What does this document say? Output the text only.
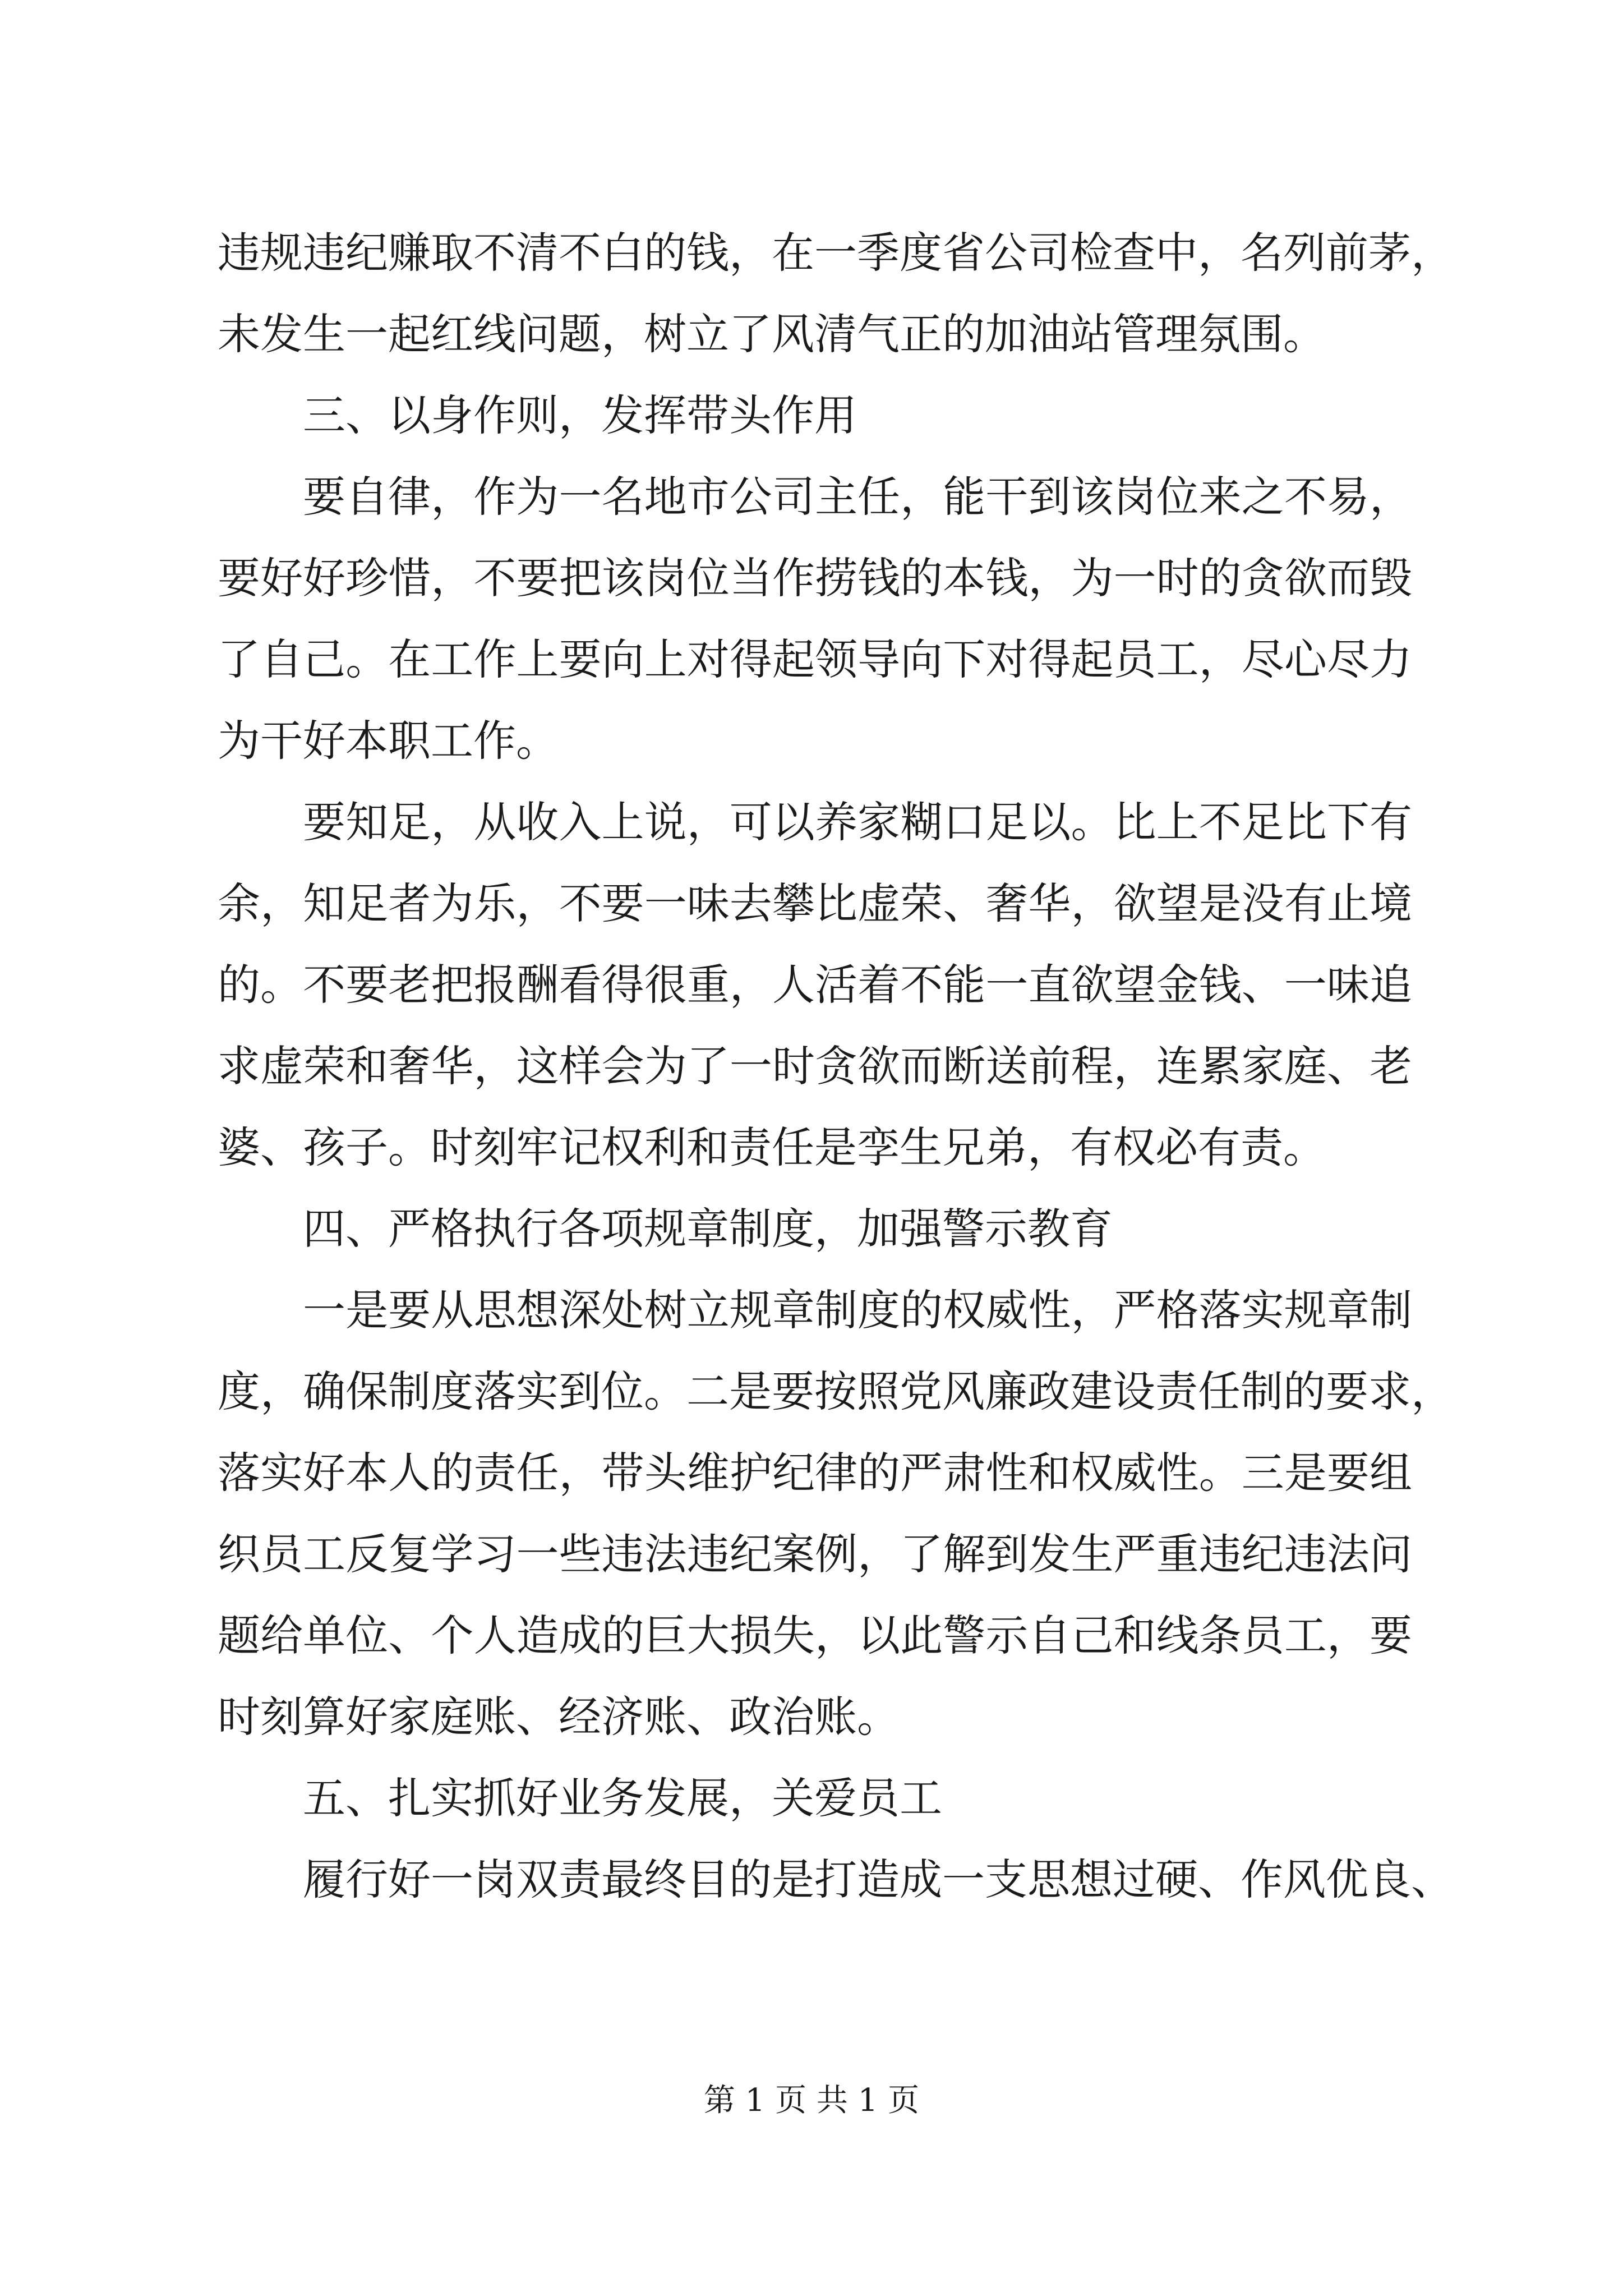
违规违纪赚取不清不白的钱，在一季度省公司检查中，名列前茅，
未发生一起红线问题，树立了风清气正的加油站管理氛围。
三、以身作则，发挥带头作用
要自律，作为一名地市公司主任，能干到该岗位来之不易，
要好好珍惜，不要把该岗位当作捞钱的本钱，为一时的贪欲而毁
了自己。在工作上要向上对得起领导向下对得起员工，尽心尽力
为干好本职工作。
要知足，从收入上说，可以养家糊口足以。比上不足比下有
余，知足者为乐，不要一味去攀比虚荣、奢华，欲望是没有止境
的。不要老把报酬看得很重，人活着不能一直欲望金钱、一味追
求虚荣和奢华，这样会为了一时贪欲而断送前程，连累家庭、老
婆、孩子。时刻牢记权利和责任是孪生兄弟，有权必有责。
四、严格执行各项规章制度，加强警示教育
一是要从思想深处树立规章制度的权威性，严格落实规章制
度，确保制度落实到位。二是要按照党风廉政建设责任制的要求，
落实好本人的责任，带头维护纪律的严肃性和权威性。三是要组
织员工反复学习一些违法违纪案例，了解到发生严重违纪违法问
题给单位、个人造成的巨大损失，以此警示自己和线条员工，要
时刻算好家庭账、经济账、政治账。
五、扎实抓好业务发展，关爱员工
履行好一岗双责最终目的是打造成一支思想过硬、作风优良、
第 1 页 共 1 页
